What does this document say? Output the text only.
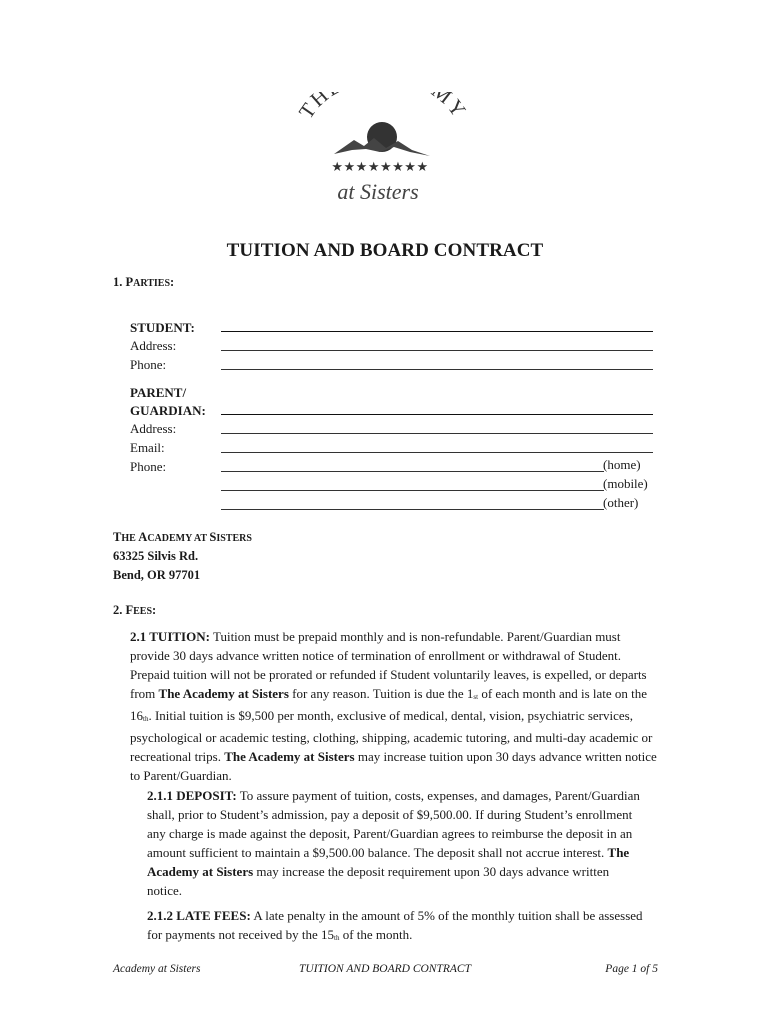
TH MY
★★★★★★★★
at Sisters
TUITION AND BOARD CONTRACT
1. PARTIES:
STUDENT:
Address:
Phone:
PARENT/
GUARDIAN:
Address:
Email:
Phone:	(home)
(mobile)
(other)
THE ACADEMY AT SISTERS
63325 Silvis Rd.
Bend, OR 97701
2. FEES:
2.1 TUITION: Tuition must be prepaid monthly and is non-refundable. Parent/Guardian must provide 30 days advance written notice of termination of enrollment or withdrawal of Student. Prepaid tuition will not be prorated or refunded if Student voluntarily leaves, is expelled, or departs from The Academy at Sisters for any reason. Tuition is due the 1st of each month and is late on the 16th. Initial tuition is $9,500 per month, exclusive of medical, dental, vision, psychiatric services, psychological or academic testing, clothing, shipping, academic tutoring, and multi-day academic or recreational trips. The Academy at Sisters may increase tuition upon 30 days advance written notice to Parent/Guardian.
2.1.1 DEPOSIT: To assure payment of tuition, costs, expenses, and damages, Parent/Guardian shall, prior to Student’s admission, pay a deposit of $9,500.00. If during Student’s enrollment any charge is made against the deposit, Parent/Guardian agrees to reimburse the deposit in an amount sufficient to maintain a $9,500.00 balance. The deposit shall not accrue interest. The Academy at Sisters may increase the deposit requirement upon 30 days advance written notice.
2.1.2 LATE FEES: A late penalty in the amount of 5% of the monthly tuition shall be assessed for payments not received by the 15th of the month.
Academy at Sisters	TUITION AND BOARD CONTRACT	Page 1 of 5
